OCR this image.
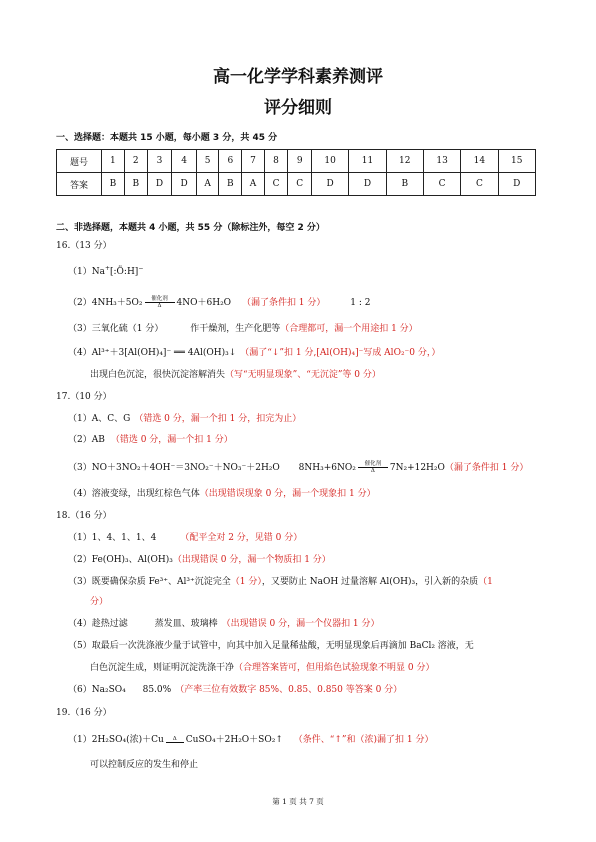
高一化学学科素养测评
评分细则
一、选择题：本题共 15 小题，每小题 3 分，共 45 分
题号	1	2	3	4	5	6	7	8	9	10	11	12	13	14	15
答案	B	B	D	D	A	B	A	C	C	D	D	B	C	C	D
二、非选择题，本题共 4 小题，共 55 分（除标注外，每空 2 分）
16.（13 分）
（1）Na+[:Ö:H]−
（2）4NH₃＋5O₂	催化剂
Δ	4NO＋6H₂O （漏了条件扣 1 分）	1 : 2
（3）三氧化硫（1 分）	作干燥剂，生产化肥等（合理都可，漏一个用途扣 1 分）
（4）Al³⁺＋3[Al(OH)₄]⁻ ══ 4Al(OH)₃↓ （漏了“↓”扣 1 分,[Al(OH)₄]⁻写成 AlO₂⁻0 分，）
出现白色沉淀，很快沉淀溶解消失（写“无明显现象”、“无沉淀”等 0 分）
17.（10 分）
（1）A、C、G （错选 0 分，漏一个扣 1 分，扣完为止）
（2）AB （错选 0 分，漏一个扣 1 分）
（3）NO＋3NO₂＋4OH⁻＝3NO₂⁻＋NO₃⁻＋2H₂O 8NH₃+6NO₂	催化剂
Δ	7N₂+12H₂O（漏了条件扣 1 分）
（4）溶液变绿，出现红棕色气体（出现错误现象 0 分，漏一个现象扣 1 分）
18.（16 分）
（1）1、4、1、1、4	（配平全对 2 分，见错 0 分）
（2）Fe(OH)₃、Al(OH)₃（出现错误 0 分，漏一个物质扣 1 分）
（3）既要确保杂质 Fe³⁺、Al³⁺沉淀完全（1 分），又要防止 NaOH 过量溶解 Al(OH)₃，引入新的杂质（1
分）
（4）趁热过滤	蒸发皿、玻璃棒 （出现错误 0 分，漏一个仪器扣 1 分）
（5）取最后一次洗涤液少量于试管中，向其中加入足量稀盐酸，无明显现象后再滴加 BaCl₂ 溶液，无
白色沉淀生成，则证明沉淀洗涤干净（合理答案皆可，但用焰色试验现象不明显 0 分）
（6）Na₂SO₄ 85.0% （产率三位有效数字 85%、0.85、0.850 等答案 0 分）
19.（16 分）
（1）2H₂SO₄(浓)＋Cu	Δ	CuSO₄＋2H₂O＋SO₂↑ （条件、“↑”和（浓)漏了扣 1 分）
可以控制反应的发生和停止
第 1 页 共 7 页
